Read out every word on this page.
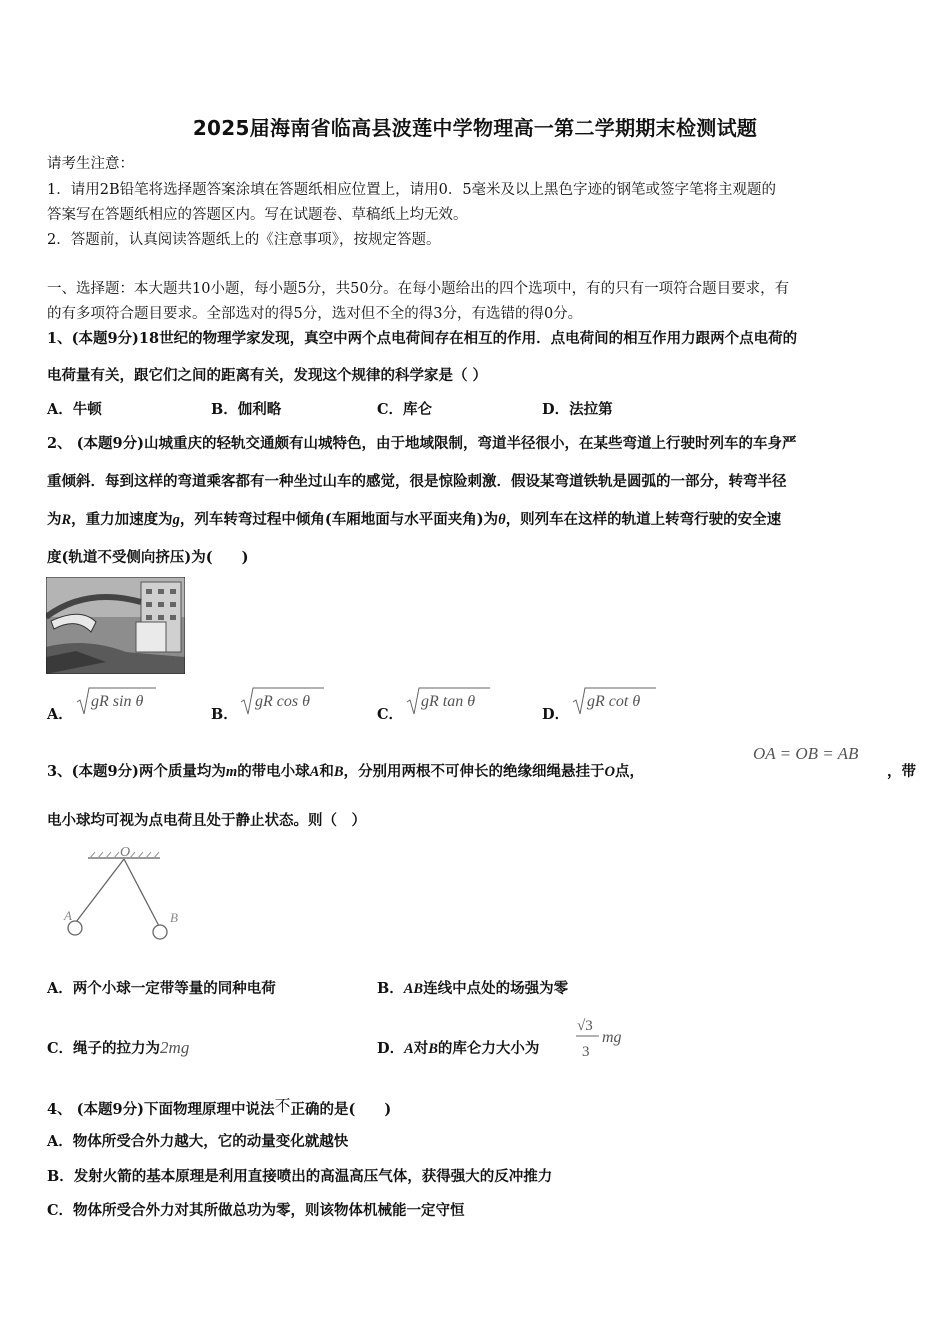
2025届海南省临高县波莲中学物理高一第二学期期末检测试题
请考生注意：
1．请用2B铅笔将选择题答案涂填在答题纸相应位置上，请用0．5毫米及以上黑色字迹的钢笔或签字笔将主观题的
答案写在答题纸相应的答题区内。写在试题卷、草稿纸上均无效。
2．答题前，认真阅读答题纸上的《注意事项》，按规定答题。
一、选择题：本大题共10小题，每小题5分，共50分。在每小题给出的四个选项中，有的只有一项符合题目要求，有
的有多项符合题目要求。全部选对的得5分，选对但不全的得3分，有选错的得0分。
1、(本题9分)18世纪的物理学家发现，真空中两个点电荷间存在相互的作用．点电荷间的相互作用力跟两个点电荷的
电荷量有关，跟它们之间的距离有关，发现这个规律的科学家是（ ）
A．牛顿	B．伽利略	C．库仑	D．法拉第
2、 (本题9分)山城重庆的轻轨交通颇有山城特色，由于地域限制，弯道半径很小，在某些弯道上行驶时列车的车身严
重倾斜．每到这样的弯道乘客都有一种坐过山车的感觉，很是惊险刺激．假设某弯道铁轨是圆弧的一部分，转弯半径
为R，重力加速度为g，列车转弯过程中倾角(车厢地面与水平面夹角)为θ，则列车在这样的轨道上转弯行驶的安全速
度(轨道不受侧向挤压)为(　　)
A．	B．	C．	D．
gR sin θ	gR cos θ	gR tan θ	gR cot θ
3、(本题9分)两个质量均为m的带电小球A和B，分别用两根不可伸长的绝缘细绳悬挂于O点，
OA = OB = AB
，带
电小球均可视为点电荷且处于静止状态。则（　）
O
A	B
A．两个小球一定带等量的同种电荷	B．AB连线中点处的场强为零
C．绳子的拉力为2mg	D．A对B的库仑力大小为
√3
3
mg
4、 (本题9分)下面物理原理中说法不正确的是(　　)
A．物体所受合外力越大，它的动量变化就越快
B．发射火箭的基本原理是利用直接喷出的高温高压气体，获得强大的反冲推力
C．物体所受合外力对其所做总功为零，则该物体机械能一定守恒
